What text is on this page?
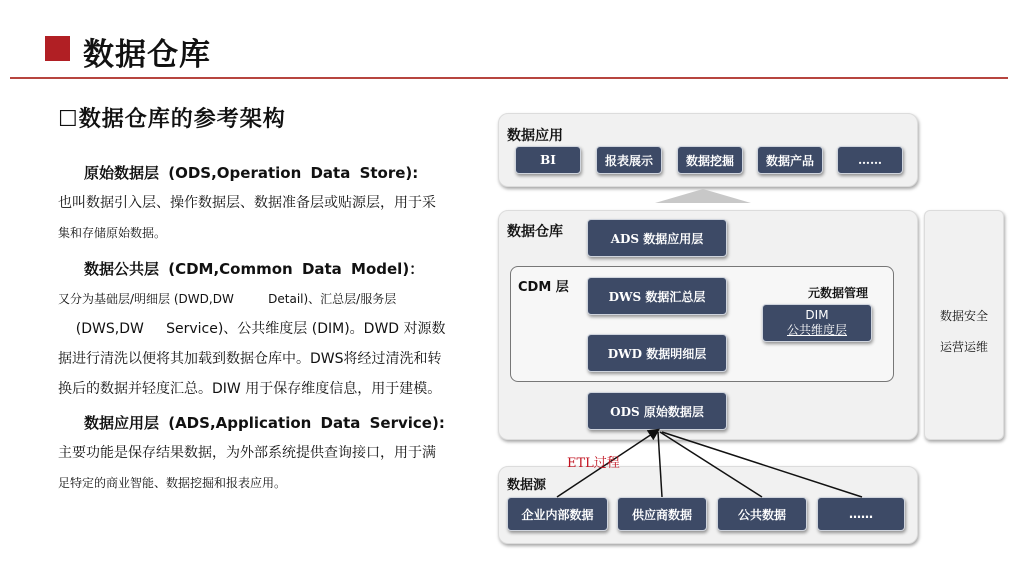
数据仓库
☐数据仓库的参考架构
原始数据层 (ODS,Operation Data Store):
也叫数据引入层、操作数据层、数据准备层或贴源层，用于采
集和存储原始数据。
数据公共层 (CDM,Common Data Model)：
又分为基础层/明细层 (DWD,DW         Detail)、汇总层/服务层
(DWS,DW     Service)、公共维度层 (DIM)。DWD 对源数
据进行清洗以便将其加载到数据仓库中。DWS将经过清洗和转
换后的数据并轻度汇总。DIW 用于保存维度信息，用于建模。
数据应用层 (ADS,Application Data Service):
主要功能是保存结果数据，为外部系统提供查询接口，用于满
足特定的商业智能、数据挖掘和报表应用。
数据应用
BI	报表展示	数据挖掘	数据产品	……
数据仓库	ADS 数据应用层
CDM 层
DWS 数据汇总层
DWD 数据明细层
元数据管理
DIM
公共维度层
ODS 原始数据层
数据安全
运营运维
数据源
企业内部数据	供应商数据	公共数据	……
ETL过程
